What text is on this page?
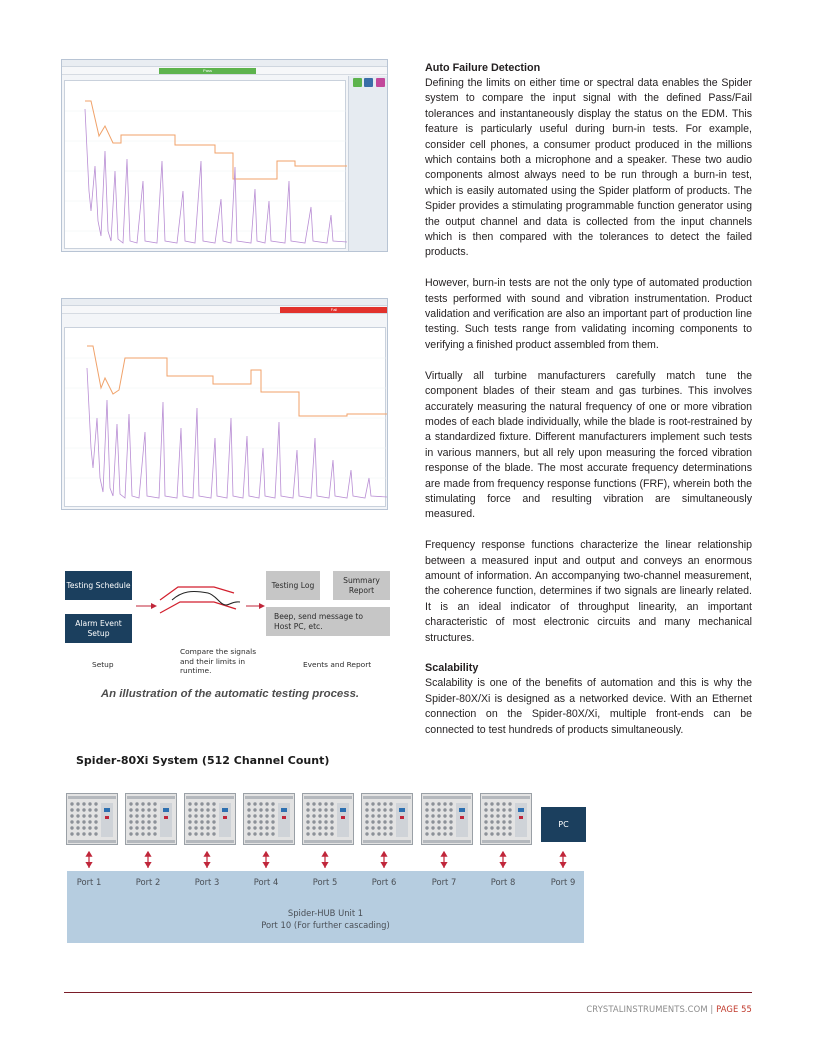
Pass
Fail
Testing Schedule
Alarm Event Setup
Testing Log
Summary Report
Beep, send message to Host PC, etc.
Compare the signals and their limits in runtime.
Setup	Events and Report
An illustration of the automatic testing process.
Auto Failure Detection

Defining the limits on either time or spectral data enables the Spider system to compare the input signal with the defined Pass/Fail tolerances and instantaneously display the status on the EDM. This feature is particularly useful during burn-in tests. For example, consider cell phones, a consumer product produced in the millions which contains both a microphone and a speaker. These two audio components almost always need to be run through a burn-in test, which is easily automated using the Spider platform of products. The Spider provides a stimulating programmable function generator using the output channel and data is collected from the input channels which is then compared with the tolerances to detect the failed products.

However, burn-in tests are not the only type of automated production tests performed with sound and vibration instrumentation. Product validation and verification are also an important part of production line testing. Such tests range from validating incoming components to verifying a finished product assembled from them.

Virtually all turbine manufacturers carefully match tune the component blades of their steam and gas turbines. This involves accurately measuring the natural frequency of one or more vibration modes of each blade individually, while the blade is root-restrained by a standardized fixture. Different manufacturers implement such tests in various manners, but all rely upon measuring the forced vibration response of the blade. The most accurate frequency determinations are made from frequency response functions (FRF), wherein both the stimulating force and resulting vibration are simultaneously measured.

Frequency response functions characterize the linear relationship between a measured input and output and conveys an enormous amount of information. An accompanying two-channel measurement, the coherence function, determines if two signals are linearly related. It is an ideal indicator of throughput linearity, an important characteristic of most electronic circuits and many mechanical structures.

Scalability

Scalability is one of the benefits of automation and this is why the Spider-80X/Xi is designed as a networked device. With an Ethernet connection on the Spider-80X/Xi, multiple front-ends can be connected to test hundreds of products simultaneously.

Spider-80Xi System (512 Channel Count)
PC
Port 1	Port 2	Port 3	Port 4	Port 5	Port 6	Port 7	Port 8	Port 9
Spider-HUB Unit 1
Port 10 (For further cascading)
CRYSTALINSTRUMENTS.COM | PAGE 55
